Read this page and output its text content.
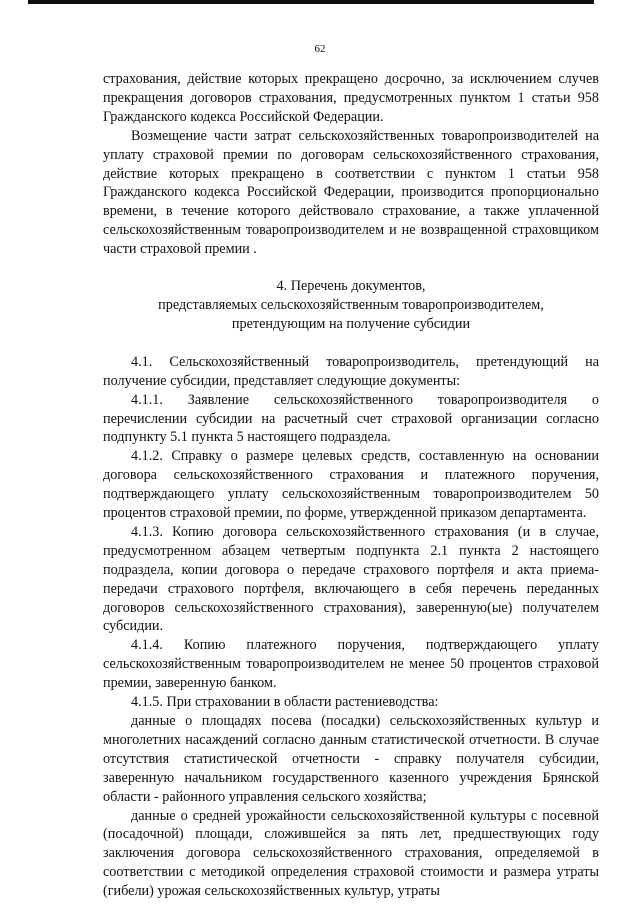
62

страхования, действие которых прекращено досрочно, за исключением случев прекращения договоров страхования, предусмотренных пунктом 1 статьи 958 Гражданского кодекса Российской Федерации.

Возмещение части затрат сельскохозяйственных товаропроизводителей на уплату страховой премии по договорам сельскохозяйственного страхования, действие которых прекращено в соответствии с пунктом 1 статьи 958 Гражданского кодекса Российской Федерации, производится пропорционально времени, в течение которого действовало страхование, а также уплаченной сельскохозяйственным товаропроизводителем и не возвращенной страховщиком части страховой премии .

4. Перечень документов,

представляемых сельскохозяйственным товаропроизводителем,

претендующим на получение субсидии

4.1. Сельскохозяйственный товаропроизводитель, претендующий на получение субсидии, представляет следующие документы:

4.1.1. Заявление сельскохозяйственного товаропроизводителя о перечислении субсидии на расчетный счет страховой организации согласно подпункту 5.1 пункта 5 настоящего подраздела.

4.1.2. Справку о размере целевых средств, составленную на основании договора сельскохозяйственного страхования и платежного поручения, подтверждающего уплату сельскохозяйственным товаропроизводителем 50 процентов страховой премии, по форме, утвержденной приказом департамента.

4.1.3. Копию договора сельскохозяйственного страхования (и в случае, предусмотренном абзацем четвертым подпункта 2.1 пункта 2 настоящего подраздела, копии договора о передаче страхового портфеля и акта приема-передачи страхового портфеля, включающего в себя перечень переданных договоров сельскохозяйственного страхования), заверенную(ые) получателем субсидии.

4.1.4. Копию платежного поручения, подтверждающего уплату сельскохозяйственным товаропроизводителем не менее 50 процентов страховой премии, заверенную банком.

4.1.5. При страховании в области растениеводства:

данные о площадях посева (посадки) сельскохозяйственных культур и многолетних насаждений согласно данным статистической отчетности. В случае отсутствия статистической отчетности - справку получателя субсидии, заверенную начальником государственного казенного учреждения Брянской области - районного управления сельского хозяйства;

данные о средней урожайности сельскохозяйственной культуры с посевной (посадочной) площади, сложившейся за пять лет, предшествующих году заключения договора сельскохозяйственного страхования, определяемой в соответствии с методикой определения страховой стоимости и размера утраты (гибели) урожая сельскохозяйственных культур, утраты
